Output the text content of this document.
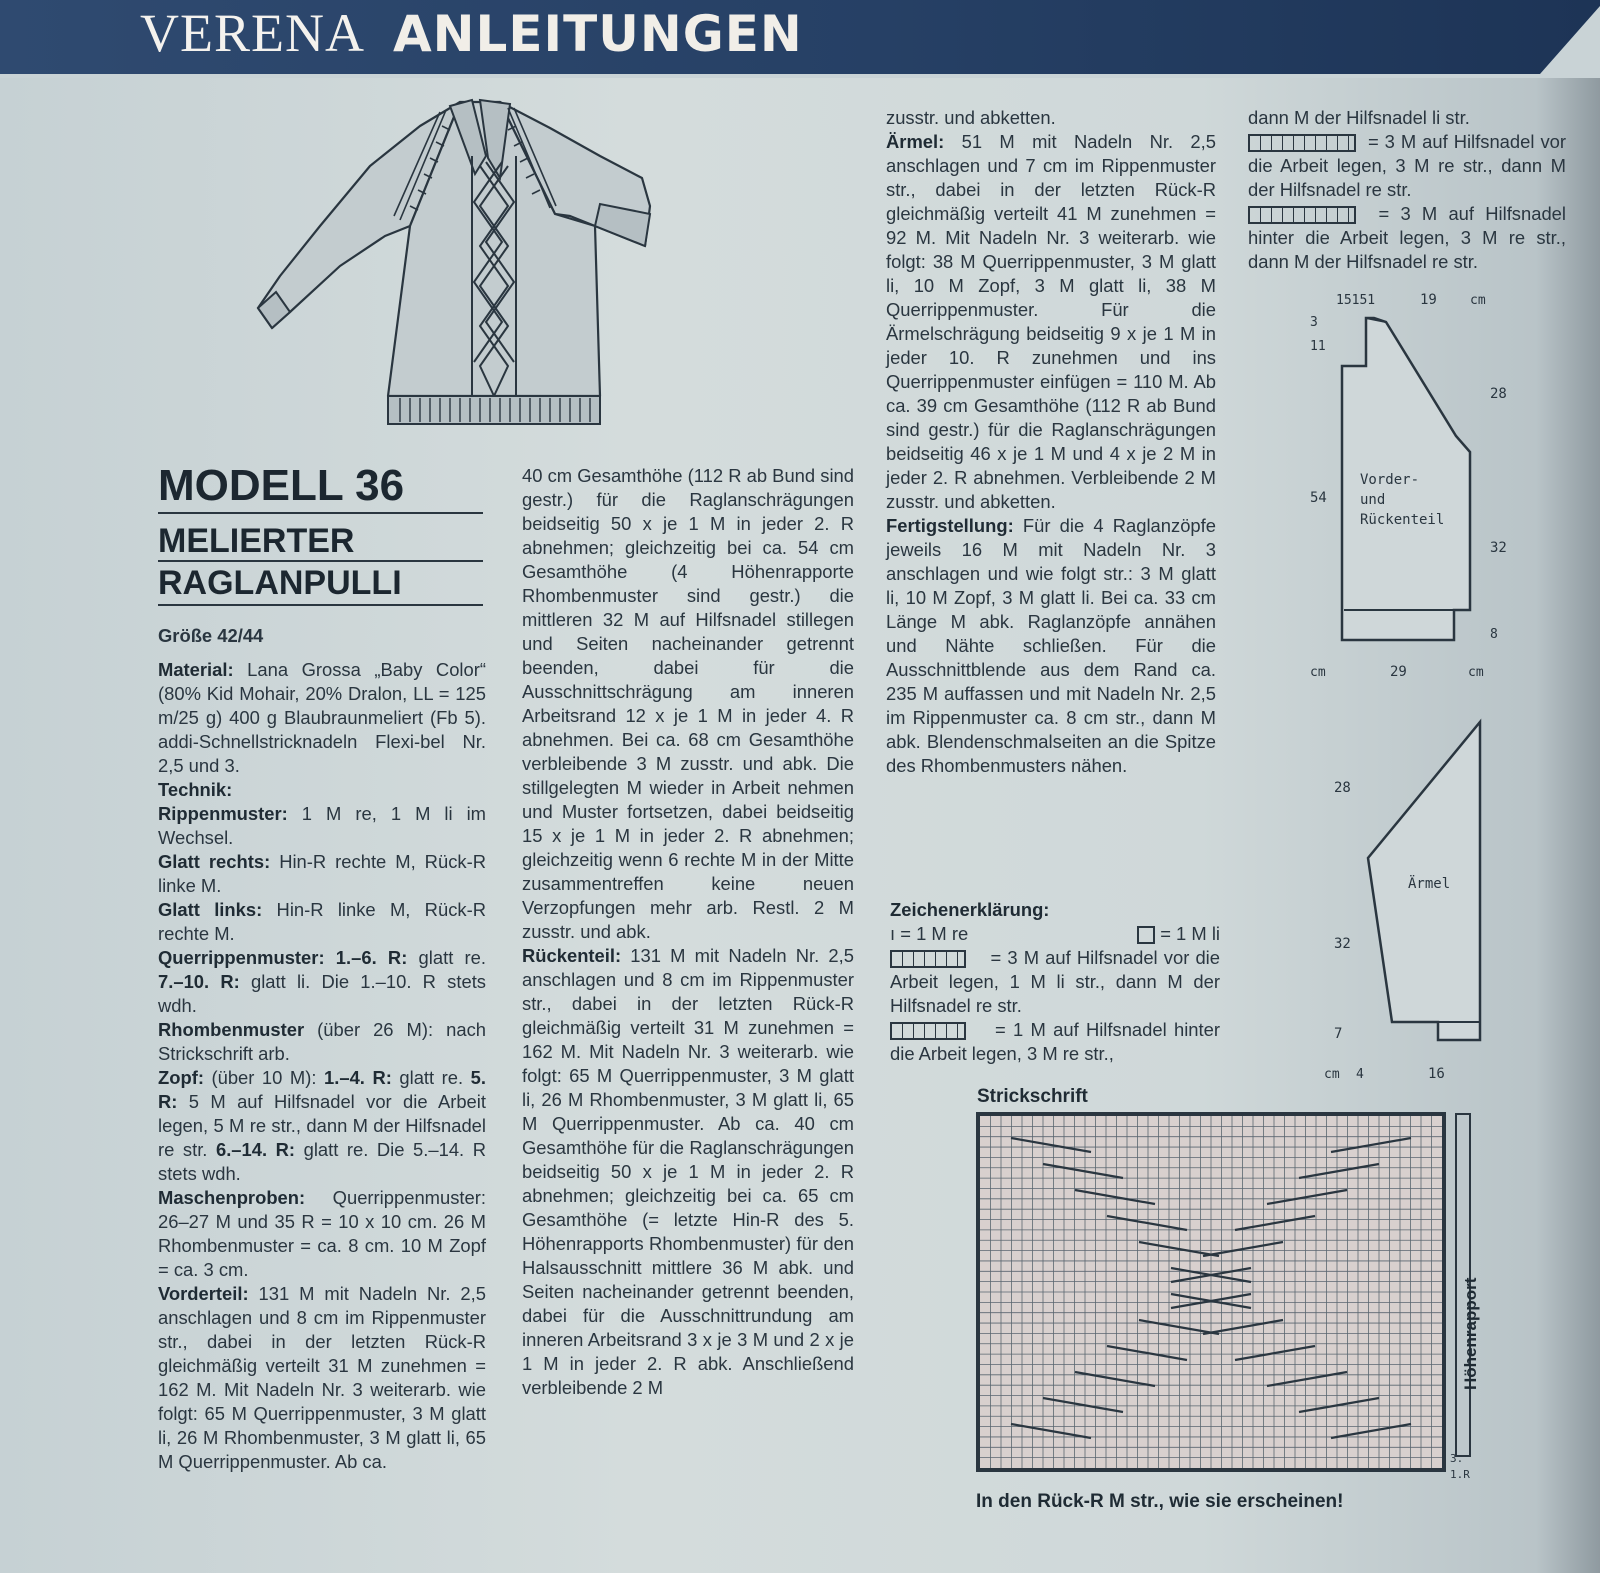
VERENA ANLEITUNGEN
MODELL 36
MELIERTER
RAGLANPULLI

Größe 42/44

Material: Lana Grossa „Baby Color“ (80% Kid Mohair, 20% Dralon, LL = 125 m/25 g) 400 g Blaubraunmeliert (Fb 5). addi-Schnellstricknadeln Flexi-bel Nr. 2,5 und 3.

Technik:

Rippenmuster: 1 M re, 1 M li im Wechsel.

Glatt rechts: Hin-R rechte M, Rück-R linke M.

Glatt links: Hin-R linke M, Rück-R rechte M.

Querrippenmuster: 1.–6. R: glatt re. 7.–10. R: glatt li. Die 1.–10. R stets wdh.

Rhombenmuster (über 26 M): nach Strickschrift arb.

Zopf: (über 10 M): 1.–4. R: glatt re. 5. R: 5 M auf Hilfsnadel vor die Arbeit legen, 5 M re str., dann M der Hilfsnadel re str. 6.–14. R: glatt re. Die 5.–14. R stets wdh.

Maschenproben: Querrippenmuster: 26–27 M und 35 R = 10 x 10 cm. 26 M Rhombenmuster = ca. 8 cm. 10 M Zopf = ca. 3 cm.

Vorderteil: 131 M mit Nadeln Nr. 2,5 anschlagen und 8 cm im Rippenmuster str., dabei in der letzten Rück-R gleichmäßig verteilt 31 M zunehmen = 162 M. Mit Nadeln Nr. 3 weiterarb. wie folgt: 65 M Querrippenmuster, 3 M glatt li, 26 M Rhombenmuster, 3 M glatt li, 65 M Querrippenmuster. Ab ca.

40 cm Gesamthöhe (112 R ab Bund sind gestr.) für die Raglanschrägungen beidseitig 50 x je 1 M in jeder 2. R abnehmen; gleichzeitig bei ca. 54 cm Gesamthöhe (4 Höhenrapporte Rhombenmuster sind gestr.) die mittleren 32 M auf Hilfsnadel stillegen und Seiten nacheinander getrennt beenden, dabei für die Ausschnittschrägung am inneren Arbeitsrand 12 x je 1 M in jeder 4. R abnehmen. Bei ca. 68 cm Gesamthöhe verbleibende 3 M zusstr. und abk. Die stillgelegten M wieder in Arbeit nehmen und Muster fortsetzen, dabei beidseitig 15 x je 1 M in jeder 2. R abnehmen; gleichzeitig wenn 6 rechte M in der Mitte zusammentreffen keine neuen Verzopfungen mehr arb. Restl. 2 M zusstr. und abk.

Rückenteil: 131 M mit Nadeln Nr. 2,5 anschlagen und 8 cm im Rippenmuster str., dabei in der letzten Rück-R gleichmäßig verteilt 31 M zunehmen = 162 M. Mit Nadeln Nr. 3 weiterarb. wie folgt: 65 M Querrippenmuster, 3 M glatt li, 26 M Rhombenmuster, 3 M glatt li, 65 M Querrippenmuster. Ab ca. 40 cm Gesamthöhe für die Raglanschrägungen beidseitig 50 x je 1 M in jeder 2. R abnehmen; gleichzeitig bei ca. 65 cm Gesamthöhe (= letzte Hin-R des 5. Höhenrapports Rhombenmuster) für den Halsausschnitt mittlere 36 M abk. und Seiten nacheinander getrennt beenden, dabei für die Ausschnittrundung am inneren Arbeitsrand 3 x je 3 M und 2 x je 1 M in jeder 2. R abk. Anschließend verbleibende 2 M

zusstr. und abketten.

Ärmel: 51 M mit Nadeln Nr. 2,5 anschlagen und 7 cm im Rippenmuster str., dabei in der letzten Rück-R gleichmäßig verteilt 41 M zunehmen = 92 M. Mit Nadeln Nr. 3 weiterarb. wie folgt: 38 M Querrippenmuster, 3 M glatt li, 10 M Zopf, 3 M glatt li, 38 M Querrippenmuster. Für die Ärmelschrägung beidseitig 9 x je 1 M in jeder 10. R zunehmen und ins Querrippenmuster einfügen = 110 M. Ab ca. 39 cm Gesamthöhe (112 R ab Bund sind gestr.) für die Raglanschrägungen beidseitig 46 x je 1 M und 4 x je 2 M in jeder 2. R abnehmen. Verbleibende 2 M zusstr. und abketten.

Fertigstellung: Für die 4 Raglanzöpfe jeweils 16 M mit Nadeln Nr. 3 anschlagen und wie folgt str.: 3 M glatt li, 10 M Zopf, 3 M glatt li. Bei ca. 33 cm Länge M abk. Raglanzöpfe annähen und Nähte schließen. Für die Ausschnittblende aus dem Rand ca. 235 M auffassen und mit Nadeln Nr. 2,5 im Rippenmuster ca. 8 cm str., dann M abk. Blendenschmalseiten an die Spitze des Rhombenmusters nähen.

Zeichenerklärung:

ı = 1 M re	= 1 M li

= 3 M auf Hilfsnadel vor die Arbeit legen, 1 M li str., dann M der Hilfsnadel re str.

= 1 M auf Hilfsnadel hinter die Arbeit legen, 3 M re str.,

dann M der Hilfsnadel li str.

= 3 M auf Hilfsnadel vor die Arbeit legen, 3 M re str., dann M der Hilfsnadel re str.

= 3 M auf Hilfsnadel hinter die Arbeit legen, 3 M re str., dann M der Hilfsnadel re str.

15151	19	cm
3
11
54
28
32
8
Vorder-
und
Rückenteil
cm	29	cm
28
32
7
Ärmel
cm 4	16
Strickschrift
Höhenrapport
3.
1.R
In den Rück-R M str., wie sie erscheinen!
